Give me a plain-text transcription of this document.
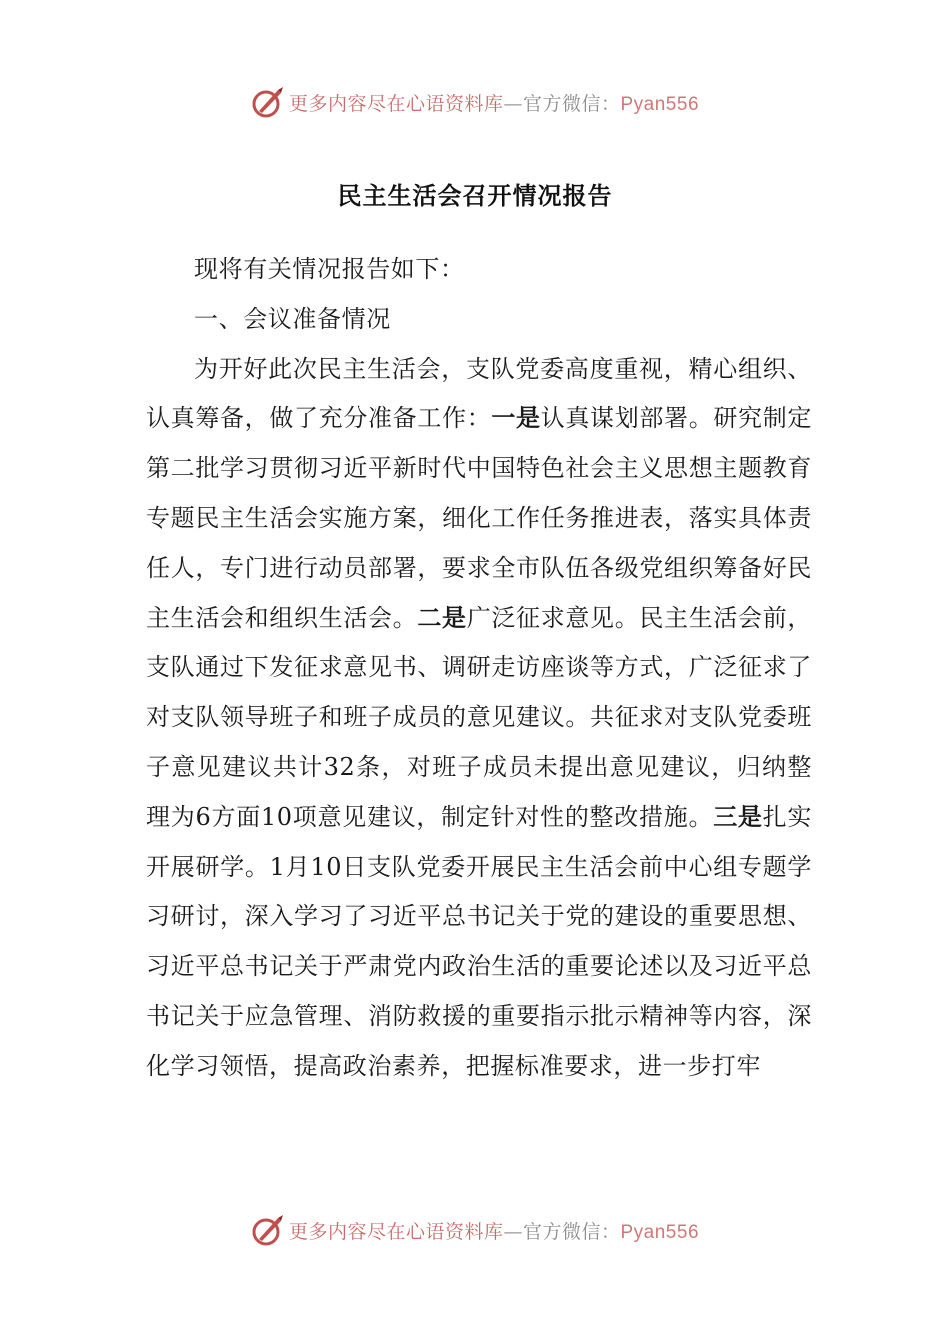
更多内容尽在心语资料库—官方微信：Pyan556
民主生活会召开情况报告

现将有关情况报告如下：

一、会议准备情况

为开好此次民主生活会，支队党委高度重视，精心组织、认真筹备，做了充分准备工作：一是认真谋划部署。研究制定第二批学习贯彻习近平新时代中国特色社会主义思想主题教育专题民主生活会实施方案，细化工作任务推进表，落实具体责任人，专门进行动员部署，要求全市队伍各级党组织筹备好民主生活会和组织生活会。二是广泛征求意见。民主生活会前，支队通过下发征求意见书、调研走访座谈等方式，广泛征求了对支队领导班子和班子成员的意见建议。共征求对支队党委班子意见建议共计32条，对班子成员未提出意见建议，归纳整理为6方面10项意见建议，制定针对性的整改措施。三是扎实开展研学。1月10日支队党委开展民主生活会前中心组专题学习研讨，深入学习了习近平总书记关于党的建设的重要思想、习近平总书记关于严肃党内政治生活的重要论述以及习近平总书记关于应急管理、消防救援的重要指示批示精神等内容，深化学习领悟，提高政治素养，把握标准要求，进一步打牢

更多内容尽在心语资料库—官方微信：Pyan556
